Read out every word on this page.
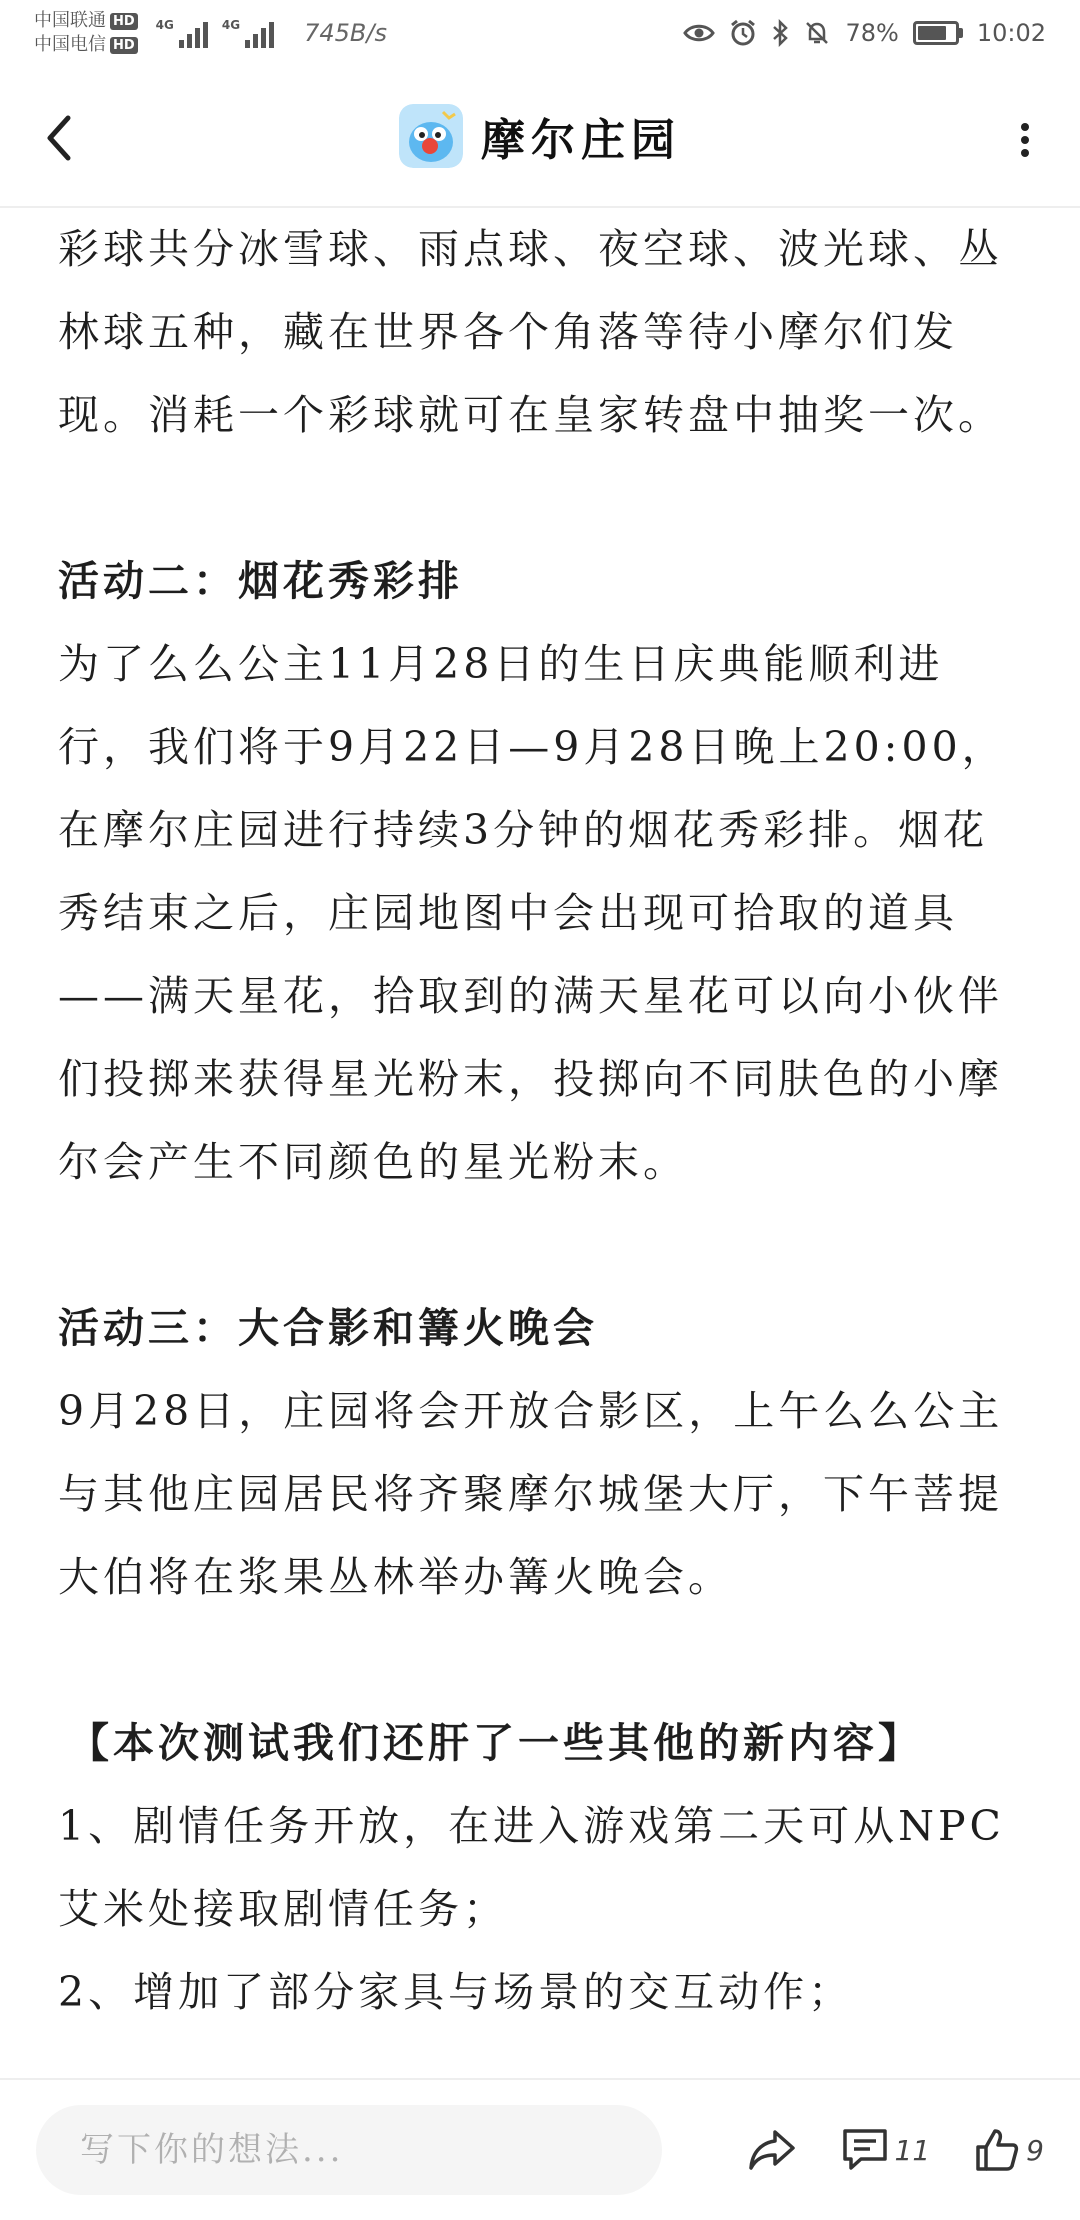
中国联通 HD
中国电信 HD
4G	4G	745B/s	78%	10:02
摩尔庄园

彩球共分冰雪球、雨点球、夜空球、波光球、丛林球五种，藏在世界各个角落等待小摩尔们发现。消耗一个彩球就可在皇家转盘中抽奖一次。

活动二：烟花秀彩排

为了么么公主11月28日的生日庆典能顺利进行，我们将于9月22日—9月28日晚上20:00，在摩尔庄园进行持续3分钟的烟花秀彩排。烟花秀结束之后，庄园地图中会出现可拾取的道具——满天星花，拾取到的满天星花可以向小伙伴们投掷来获得星光粉末，投掷向不同肤色的小摩尔会产生不同颜色的星光粉末。

活动三：大合影和篝火晚会

9月28日，庄园将会开放合影区，上午么么公主与其他庄园居民将齐聚摩尔城堡大厅，下午菩提大伯将在浆果丛林举办篝火晚会。

【本次测试我们还肝了一些其他的新内容】

1、剧情任务开放，在进入游戏第二天可从NPC艾米处接取剧情任务；

2、增加了部分家具与场景的交互动作；

写下你的想法...
11	9
